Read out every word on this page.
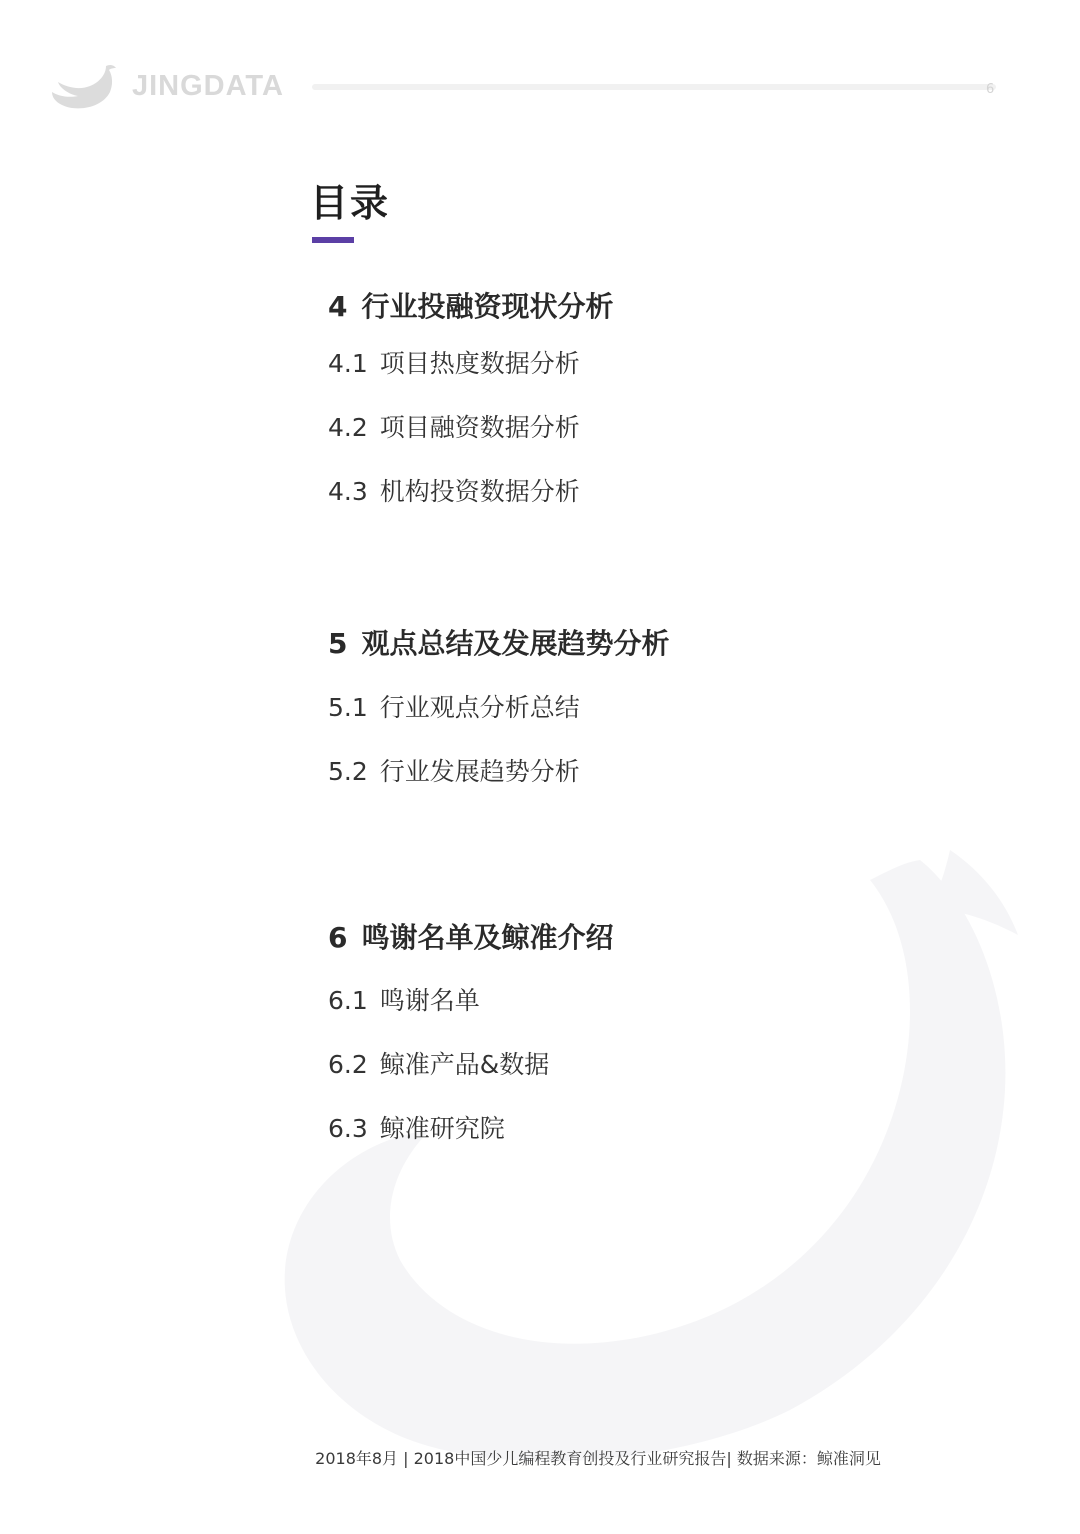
JINGDATA	6
目录
4 行业投融资现状分析
4.1 项目热度数据分析
4.2 项目融资数据分析
4.3 机构投资数据分析
5 观点总结及发展趋势分析
5.1 行业观点分析总结
5.2 行业发展趋势分析
6 鸣谢名单及鲸准介绍
6.1 鸣谢名单
6.2 鲸准产品&数据
6.3 鲸准研究院
2018年8月 | 2018中国少儿编程教育创投及行业研究报告| 数据来源：鲸准洞见
